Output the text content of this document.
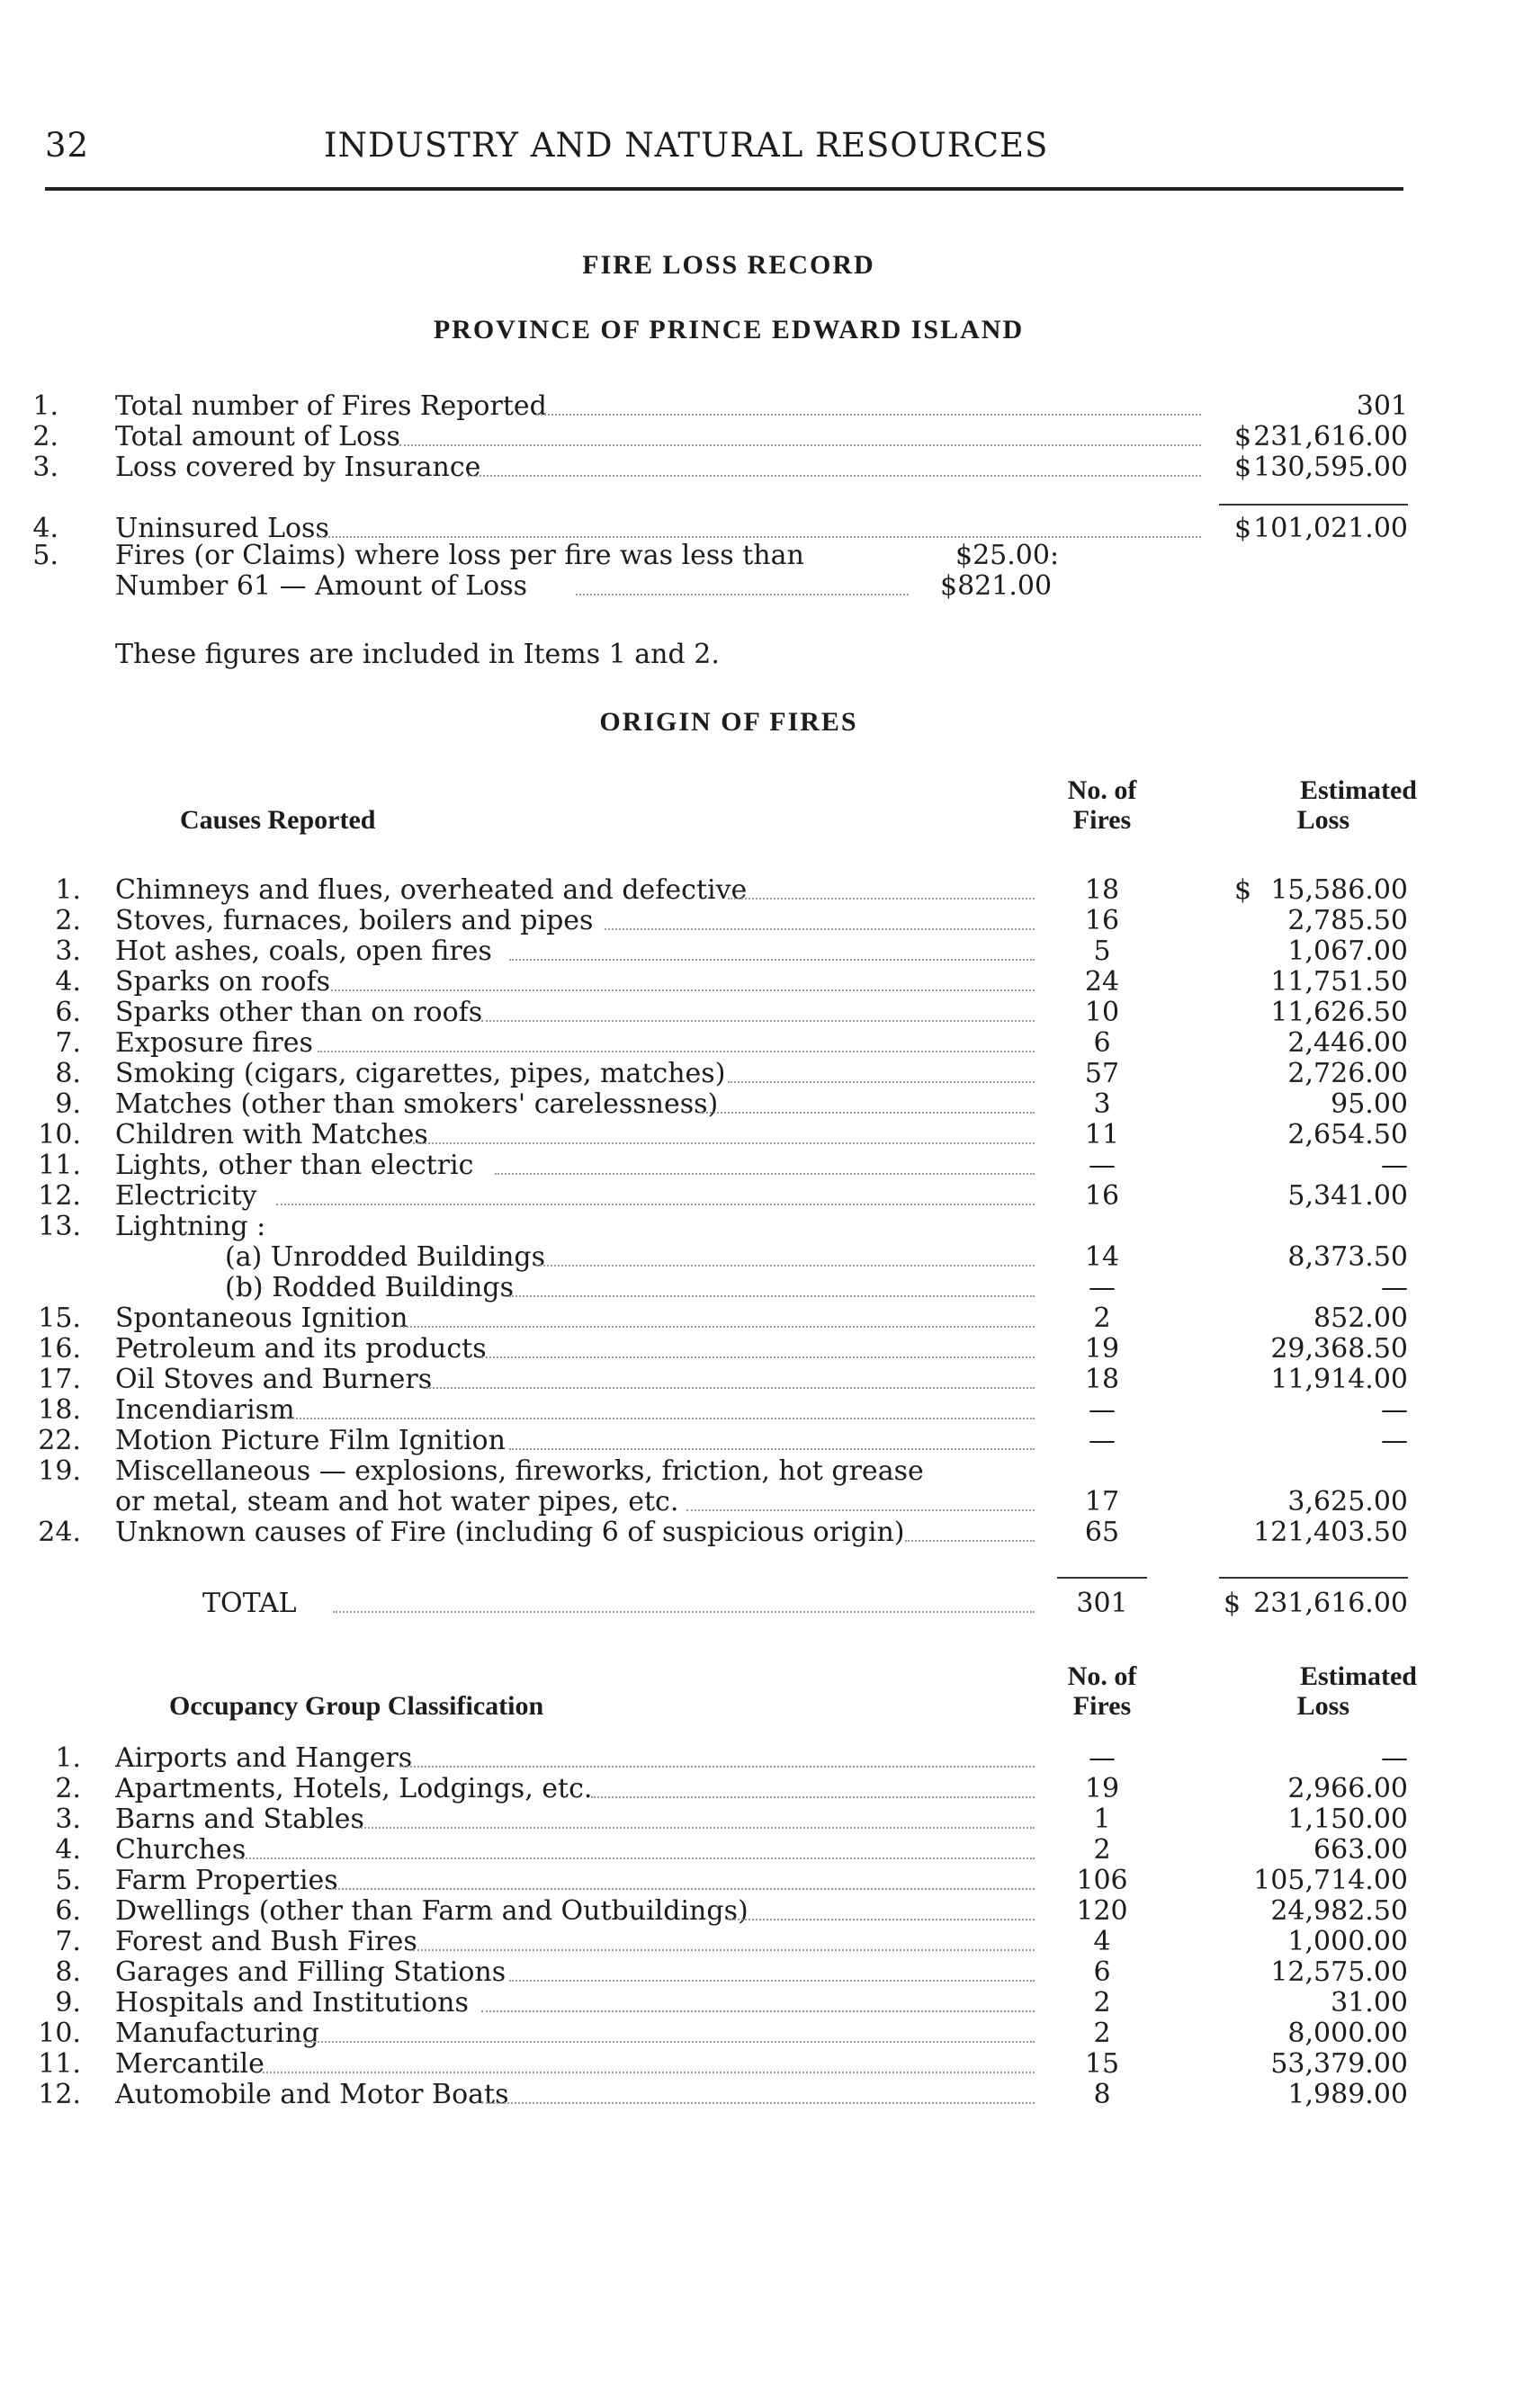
32	INDUSTRY AND NATURAL RESOURCES
FIRE LOSS RECORD
PROVINCE OF PRINCE EDWARD ISLAND
1. Total number of Fires Reported	301
2. Total amount of Loss	$ 231,616.00
3. Loss covered by Insurance	$ 130,595.00
4. Uninsured Loss	$ 101,021.00
5. Fires (or Claims) where loss per fire was less than	$25.00:
Number 61 — Amount of Loss	$821.00
These figures are included in Items 1 and 2.
ORIGIN OF FIRES
Causes Reported
No. of
Fires
Estimated
Loss
1. Chimneys and flues, overheated and defective	18	$ 15,586.00
2. Stoves, furnaces, boilers and pipes	16	2,785.50
3. Hot ashes, coals, open fires	5	1,067.00
4. Sparks on roofs	24	11,751.50
6. Sparks other than on roofs	10	11,626.50
7. Exposure fires	6	2,446.00
8. Smoking (cigars, cigarettes, pipes, matches)	57	2,726.00
9. Matches (other than smokers' carelessness)	3	95.00
10. Children with Matches	11	2,654.50
11. Lights, other than electric	—	—
12. Electricity	16	5,341.00
13. Lightning :
(a) Unrodded Buildings	14	8,373.50
(b) Rodded Buildings	—	—
15. Spontaneous Ignition	2	852.00
16. Petroleum and its products	19	29,368.50
17. Oil Stoves and Burners	18	11,914.00
18. Incendiarism	—	—
22. Motion Picture Film Ignition	—	—
19. Miscellaneous — explosions, fireworks, friction, hot grease
or metal, steam and hot water pipes, etc.	17	3,625.00
24. Unknown causes of Fire (including 6 of suspicious origin)	65	121,403.50
TOTAL	301	$ 231,616.00
Occupancy Group Classification
No. of
Fires
Estimated
Loss
1. Airports and Hangers	—	—
2. Apartments, Hotels, Lodgings, etc.	19	2,966.00
3. Barns and Stables	1	1,150.00
4. Churches	2	663.00
5. Farm Properties	106	105,714.00
6. Dwellings (other than Farm and Outbuildings)	120	24,982.50
7. Forest and Bush Fires	4	1,000.00
8. Garages and Filling Stations	6	12,575.00
9. Hospitals and Institutions	2	31.00
10. Manufacturing	2	8,000.00
11. Mercantile	15	53,379.00
12. Automobile and Motor Boats	8	1,989.00
